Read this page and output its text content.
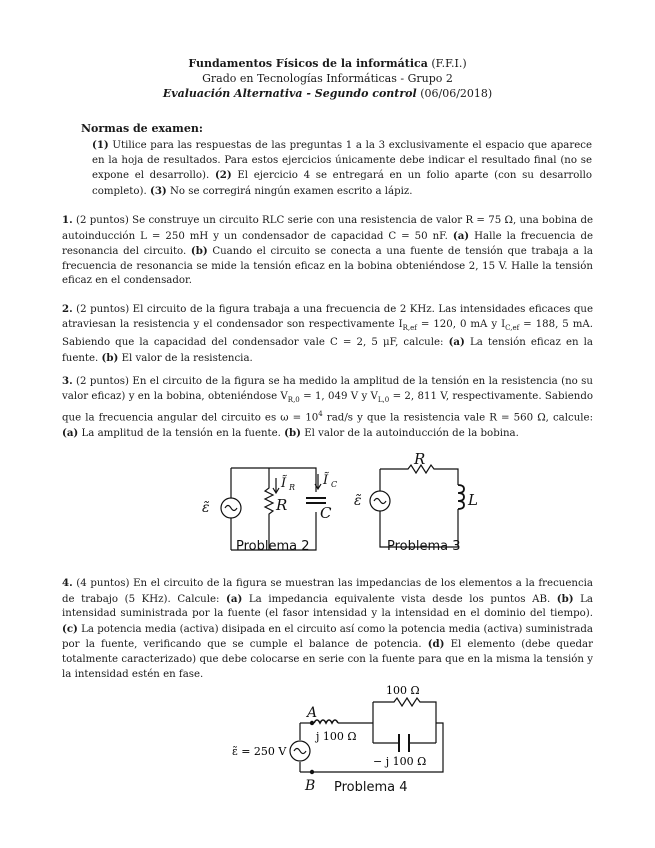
Fundamentos Físicos de la informática (F.F.I.)
Grado en Tecnologías Informáticas - Grupo 2
Evaluación Alternativa - Segundo control (06/06/2018)
Normas de examen:
(1) Utilice para las respuestas de las preguntas 1 a la 3 exclusivamente el espacio que aparece en la hoja de resultados. Para estos ejercicios únicamente debe indicar el resultado final (no se expone el desarrollo). (2) El ejercicio 4 se entregará en un folio aparte (con su desarrollo completo). (3) No se corregirá ningún examen escrito a lápiz.
1. (2 puntos) Se construye un circuito RLC serie con una resistencia de valor R = 75 Ω, una bobina de autoinducción L = 250 mH y un condensador de capacidad C = 50 nF. (a) Halle la frecuencia de resonancia del circuito. (b) Cuando el circuito se conecta a una fuente de tensión que trabaja a la frecuencia de resonancia se mide la tensión eficaz en la bobina obteniéndose 2, 15 V. Halle la tensión eficaz en el condensador.
2. (2 puntos) El circuito de la figura trabaja a una frecuencia de 2 KHz. Las intensidades eficaces que atraviesan la resistencia y el condensador son respectivamente $I_{R,ef} = 120$, 0 mA y $I_{C,ef} = 188$, 5 mA. Sabiendo que la capacidad del condensador vale C = 2, 5 μF, calcule: (a) La tensión eficaz en la fuente. (b) El valor de la resistencia.
3. (2 puntos) En el circuito de la figura se ha medido la amplitud de la tensión en la resistencia (no su valor eficaz) y en la bobina, obteniéndose $V_{R,0} = 1$, 049 V y $V_{L,0} = 2$, 811 V, respectivamente. Sabiendo que la frecuencia angular del circuito es $\omega = 10^4$ rad/s y que la resistencia vale R = 560 Ω, calcule: (a) La amplitud de la tensión en la fuente. (b) El valor de la autoinducción de la bobina.
ε̃
Ĩ R Ĩ C
R C
Problema 2
R
ε̃	L
Problema 3
4. (4 puntos) En el circuito de la figura se muestran las impedancias de los elementos a la frecuencia de trabajo (5 KHz). Calcule: (a) La impedancia equivalente vista desde los puntos AB. (b) La intensidad suministrada por la fuente (el fasor intensidad y la intensidad en el dominio del tiempo). (c) La potencia media (activa) disipada en el circuito así como la potencia media (activa) suministrada por la fuente, verificando que se cumple el balance de potencia. (d) El elemento (debe quedar totalmente caracterizado) que debe colocarse en serie con la fuente para que en la misma la tensión y la intensidad estén en fase.
A
B
100 Ω
j 100 Ω
− j 100 Ω
ε̃ = 250 V
Problema 4
